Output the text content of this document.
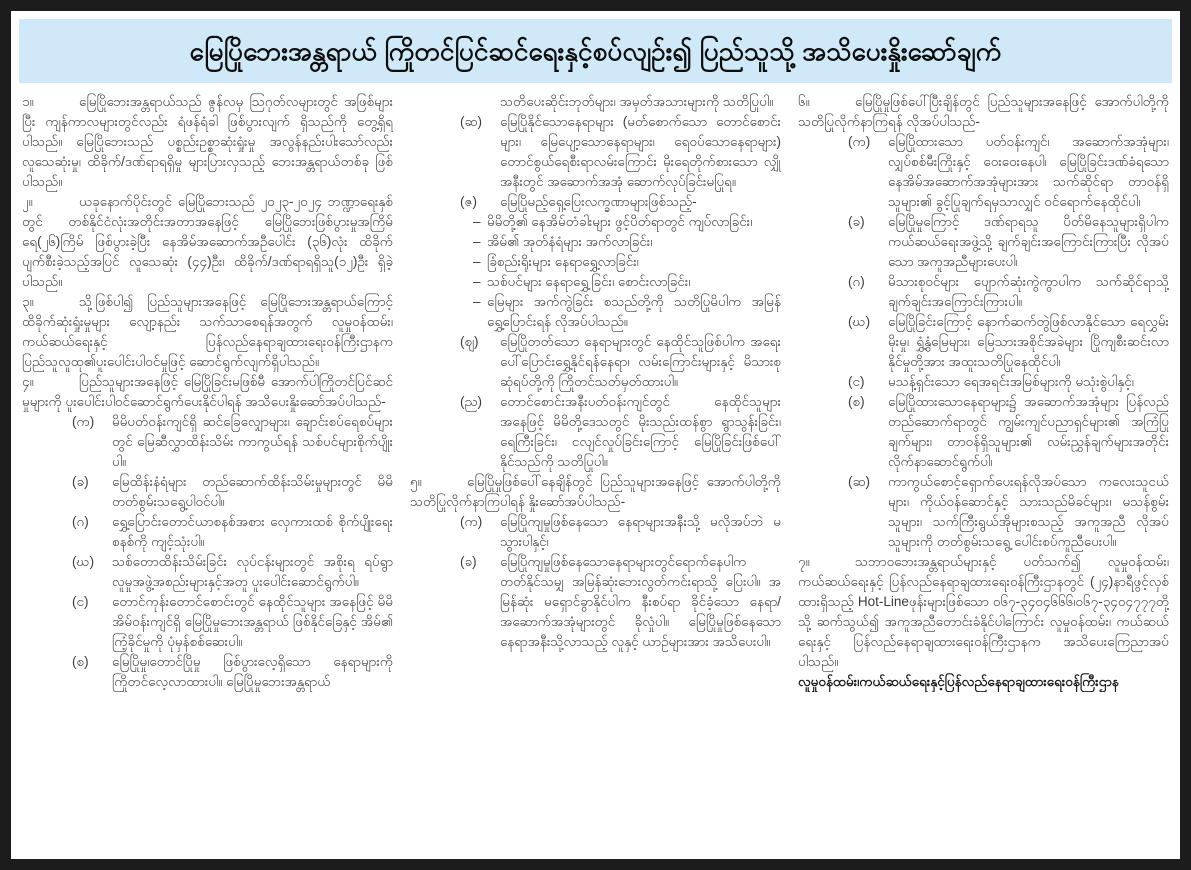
မြေပြိုဘေးအန္တရာယ် ကြိုတင်ပြင်ဆင်ရေးနှင့်စပ်လျဉ်း၍ ပြည်သူသို့ အသိပေးနှိုးဆော်ချက်
၁။	မြေပြိုဘေးအန္တရာယ်သည် ဇွန်လမှ သြဂုတ်လများတွင် အဖြစ်များပြီး ကျန်ကာလများတွင်လည်း ရံဖန်ရံခါ ဖြစ်ပွားလျက် ရှိသည်ကို တွေ့ရှိရပါသည်။ မြေပြိုဘေးသည် ပစ္စည်းဥစ္စာဆုံးရှုံးမှု အလွန်နည်းပါးသော်လည်း လူသေဆုံးမှု၊ ထိခိုက်/ဒဏ်ရာရရှိမှု များပြားလှသည့် ဘေးအန္တရာယ်တစ်ခု ဖြစ်ပါသည်။
၂။	ယခုနောက်ပိုင်းတွင် မြေပြိုဘေးသည် ၂၀၂၃-၂၀၂၄ ဘဏ္ဍာရေးနှစ်တွင် တစ်နိုင်ငံလုံးအတိုင်းအတာအနေဖြင့် မြေပြိုဘေးဖြစ်ပွားမှုအကြိမ်ရေ(၂၆)ကြိမ် ဖြစ်ပွားခဲ့ပြီး နေအိမ်အဆောက်အဦပေါင်း (၃၆)လုံး ထိခိုက်ပျက်စီးခဲ့သည့်အပြင် လူသေဆုံး (၄၄)ဦး၊ ထိခိုက်/ဒဏ်ရာရရှိသူ(၁၂)ဦး ရှိခဲ့ပါသည်။
၃။	သို့ဖြစ်ပါ၍ ပြည်သူများအနေဖြင့် မြေပြိုဘေးအန္တရာယ်ကြောင့် ထိခိုက်ဆုံးရှုံးမှုများ လျော့နည်း သက်သာစေရန်အတွက် လူမှုဝန်ထမ်း၊ ကယ်ဆယ်ရေးနှင့် ပြန်လည်နေရာချထားရေးဝန်ကြီးဌာနက ပြည်သူလူထု၏ပူးပေါင်းပါဝင်မှုဖြင့် ဆောင်ရွက်လျက်ရှိပါသည်။
၄။	ပြည်သူများအနေဖြင့် မြေပြိုခြင်းမဖြစ်မီ အောက်ပါကြိုတင်ပြင်ဆင်မှုများကို ပူးပေါင်းပါဝင်ဆောင်ရွက်ပေးနိုင်ပါရန် အသိပေးနှိုးဆော်အပ်ပါသည်-
(က) မိမိပတ်ဝန်းကျင်ရှိ ဆင်ခြေလျှောများ၊ ချောင်းစပ်ရေစပ်များတွင် မြေဆီလွှာထိန်းသိမ်း ကာကွယ်ရန် သစ်ပင်များစိုက်ပျိုးပါ။
(ခ) မြေထိန်းနံရံများ တည်ဆောက်ထိန်းသိမ်းမှုများတွင် မိမိတတ်စွမ်းသရွေ့ပါဝင်ပါ။
(ဂ) ရွှေ့ပြောင်းတောင်ယာစနစ်အစား လှေကားထစ် စိုက်ပျိုးရေးစနစ်ကို ကျင့်သုံးပါ။
(ဃ) သစ်တောထိန်းသိမ်းခြင်း လုပ်ငန်းများတွင် အစိုးရ ရပ်ရွာ လူမှုအဖွဲ့အစည်းများနှင့်အတူ ပူးပေါင်းဆောင်ရွက်ပါ။
(င) တောင်ကုန်းတောင်စောင်းတွင် နေထိုင်သူများ အနေဖြင့် မိမိအိမ်ဝန်းကျင်ရှိ မြေပြိုမှုဘေးအန္တရာယ် ဖြစ်နိုင်ခြေနှင့် အိမ်၏ ကြံ့ခိုင်မှုကို ပုံမှန်စစ်ဆေးပါ။
(စ) မြေပြိုမှု၊တောင်ပြိုမှု ဖြစ်ပွားလေ့ရှိသော နေရာများကို ကြိုတင်လေ့လာထားပါ။ မြေပြိုမှုဘေးအန္တရာယ်
သတိပေးဆိုင်းဘုတ်များ၊ အမှတ်အသားများကို သတိပြုပါ။
(ဆ) မြေပြိုနိုင်သောနေရာများ (မတ်စောက်သော တောင်စောင်းများ၊ မြေပျော့သောနေရာများ၊ ရေဝပ်သောနေရာများ) တောင်စွယ်ရေစီးရာလမ်းကြောင်း မိုးရေတိုက်စားသော လျှိုအနီးတွင် အဆောက်အအုံ ဆောက်လုပ်ခြင်းမပြုရ။
(ဇ) မြေပြိုမည့်ရှေ့ပြေးလက္ခဏာများဖြစ်သည့်-
– မိမိတို့၏ နေအိမ်တံခါးများ ဖွင့်ပိတ်ရာတွင် ကျပ်လာခြင်း၊
– အိမ်၏ အုတ်နံရံများ အက်လာခြင်း၊
– ခြံစည်းရိုးများ နေရာရွှေ့လာခြင်း၊
– သစ်ပင်များ နေရာရွှေ့ခြင်း၊ စောင်းလာခြင်း၊
– မြေများ အက်ကွဲခြင်း စသည်တို့ကို သတိပြုမိပါက အမြန်ရွှေ့ပြောင်းရန် လိုအပ်ပါသည်။
(ဈ) မြေပြိုတတ်သော နေရာများတွင် နေထိုင်သူဖြစ်ပါက အရေးပေါ်ပြောင်းရွှေ့နိုင်ရန်နေရာ၊ လမ်းကြောင်းများနှင့် မိသားစုဆုံရပ်တို့ကို ကြိုတင်သတ်မှတ်ထားပါ။
(ည) တောင်စောင်းအနီးပတ်ဝန်းကျင်တွင် နေထိုင်သူများ အနေဖြင့် မိမိတို့ဒေသတွင် မိုးသည်းထန်စွာ ရွာသွန်းခြင်း၊ ရေကြီးခြင်း၊ ငလျင်လှုပ်ခြင်းကြောင့် မြေပြိုခြင်းဖြစ်ပေါ်နိုင်သည်ကို သတိပြုပါ။
၅။	မြေပြိုမှုဖြစ်ပေါ်နေချိန်တွင် ပြည်သူများအနေဖြင့် အောက်ပါတို့ကို သတိပြုလိုက်နာကြပါရန် နှိုးဆော်အပ်ပါသည်-
(က) မြေပြိုကျမှုဖြစ်နေသော နေရာများအနီးသို့ မလိုအပ်ဘဲ မသွားပါနှင့်၊
(ခ) မြေပြိုကျမှုဖြစ်နေသောနေရာများတွင်ရောက်နေပါက တတ်နိုင်သမျှ အမြန်ဆုံးဘေးလွတ်ကင်းရာသို့ ပြေးပါ။ အမြန်ဆုံး မရှောင်ခွာနိုင်ပါက နီးစပ်ရာ ခိုင်ခံ့သော နေရာ/အဆောက်အအုံများတွင် ခိုလှုံပါ။ မြေပြိုမှုဖြစ်နေသော နေရာအနီးသို့လာသည့် လူနှင့် ယာဉ်များအား အသိပေးပါ။
၆။	မြေပြိုမှုဖြစ်ပေါ်ပြီးချိန်တွင် ပြည်သူများအနေဖြင့် အောက်ပါတို့ကို သတိပြုလိုက်နာကြရန် လိုအပ်ပါသည်-
(က) မြေပြိုထားသော ပတ်ဝန်းကျင်၊ အဆောက်အအုံများ၊ လျှပ်စစ်မီးကြိုးနှင့် ဝေးဝေးနေပါ၊ မြေပြိုခြင်းဒဏ်ခံရသော နေအိမ်အဆောက်အအုံများအား သက်ဆိုင်ရာ တာဝန်ရှိသူများ၏ ခွင့်ပြုချက်ရမှသာလျှင် ဝင်ရောက်နေထိုင်ပါ၊
(ခ) မြေပြိုမှုကြောင့် ဒဏ်ရာရသူ ပိတ်မိနေသူများရှိပါက ကယ်ဆယ်ရေးအဖွဲ့သို့ ချက်ချင်းအကြောင်းကြားပြီး လိုအပ်သော အကူအညီများပေးပါ၊
(ဂ) မိသားစုဝင်များ ပျောက်ဆုံးကွဲကွာပါက သက်ဆိုင်ရာသို့ ချက်ချင်းအကြောင်းကြားပါ။
(ဃ) မြေပြိုခြင်းကြောင့် နောက်ဆက်တွဲဖြစ်လာနိုင်သော ရေလွှမ်းမိုးမှု၊ ရွှံ့နွံမြေများ၊ မြေသားအစိုင်အခဲများ ပြိုကျစီးဆင်းလာနိုင်မှုတို့အား အထူးသတိပြုနေထိုင်ပါ၊
(င) မသန့်ရှင်းသော ရေအရင်းအမြစ်များကို မသုံးစွဲပါနှင့်၊
(စ) မြေပြိုထားသောနေရာများ၌ အဆောက်အအုံများ ပြန်လည်တည်ဆောက်ရာတွင် ကျွမ်းကျင်ပညာရှင်များ၏ အကြံပြုချက်များ၊ တာဝန်ရှိသူများ၏ လမ်းညွှန်ချက်များအတိုင်း လိုက်နာဆောင်ရွက်ပါ၊
(ဆ) ကာကွယ်စောင့်ရှောက်ပေးရန်လိုအပ်သော ကလေးသူငယ်များ၊ ကိုယ်ဝန်ဆောင်နှင့် သားသည်မိခင်များ၊ မသန်စွမ်းသူများ၊ သက်ကြီးရွယ်အိုများစသည့် အကူအညီ လိုအပ်သူများကို တတ်စွမ်းသရွေ့ ပေါင်းစပ်ကူညီပေးပါ။
၇။	သဘာဝဘေးအန္တရာယ်များနှင့် ပတ်သက်၍ လူမှုဝန်ထမ်း၊ ကယ်ဆယ်ရေးနှင့် ပြန်လည်နေရာချထားရေးဝန်ကြီးဌာနတွင် (၂၄)နာရီဖွင့်လှစ်ထားရှိသည့် Hot-Lineဖုန်းများဖြစ်သော ၀၆၇-၃၄၀၄၆၆၆၊၀၆၇-၃၄၀၄၇၇၇တို့သို့ ဆက်သွယ်၍ အကူအညီတောင်းခံနိုင်ပါကြောင်း လူမှုဝန်ထမ်း၊ ကယ်ဆယ်ရေးနှင့် ပြန်လည်နေရာချထားရေးဝန်ကြီးဌာနက အသိပေးကြေညာအပ်ပါသည်။
လူမှုဝန်ထမ်း၊ကယ်ဆယ်ရေးနှင့်ပြန်လည်နေရာချထားရေးဝန်ကြီးဌာန
